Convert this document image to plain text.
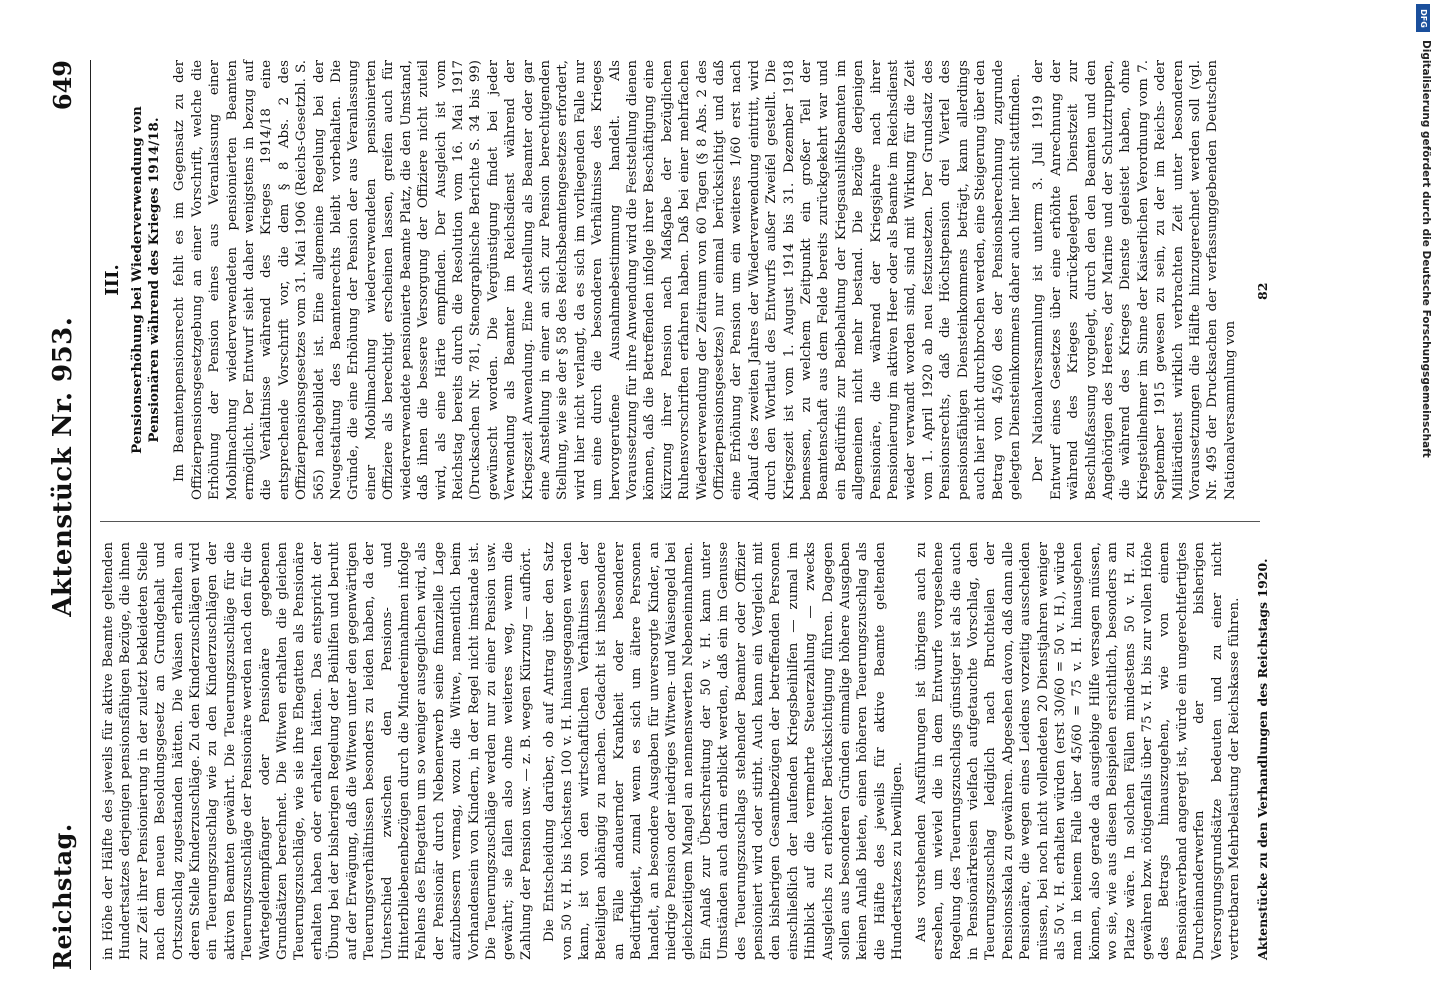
Reichstag.
Aktenstück Nr. 953.
649

in Höhe der Hälfte des jeweils für aktive Beamte geltenden Hundertsatzes derjenigen pensionsfähigen Bezüge, die ihnen zur Zeit ihrer Pensionierung in der zuletzt bekleideten Stelle nach dem neuen Besoldungsgesetz an Grundgehalt und Ortszuschlag zugestanden hätten. Die Waisen erhalten an deren Stelle Kinderzuschläge. Zu den Kinderzuschlägen wird ein Teuerungszuschlag wie zu den Kinderzuschlägen der aktiven Beamten gewährt. Die Teuerungszuschläge für die Teuerungszuschläge der Pensionäre werden nach den für die Wartegeldempfänger oder Pensionäre gegebenen Grundsätzen berechnet. Die Witwen erhalten die gleichen Teuerungszuschläge, wie sie ihre Ehegatten als Pensionäre erhalten haben oder erhalten hätten. Das entspricht der Übung bei der bisherigen Regelung der Beihilfen und beruht auf der Erwägung, daß die Witwen unter den gegenwärtigen Teuerungsverhältnissen besonders zu leiden haben, da der Unterschied zwischen den Pensions- und Hinterbliebenenbezügen durch die Mindereinnahmen infolge Fehlens des Ehegatten um so weniger ausgeglichen wird, als der Pensionär durch Nebenerwerb seine finanzielle Lage aufzubessern vermag, wozu die Witwe, namentlich beim Vorhandensein von Kindern, in der Regel nicht imstande ist. Die Teuerungszuschläge werden nur zu einer Pension usw. gewährt; sie fallen also ohne weiteres weg, wenn die Zahlung der Pension usw. — z. B. wegen Kürzung — aufhört. Die Entscheidung darüber, ob auf Antrag über den Satz von 50 v. H. bis höchstens 100 v. H. hinausgegangen werden kann, ist von den wirtschaftlichen Verhältnissen der Beteiligten abhängig zu machen. Gedacht ist insbesondere an Fälle andauernder Krankheit oder besonderer Bedürftigkeit, zumal wenn es sich um ältere Personen handelt, an besondere Ausgaben für unversorgte Kinder, an niedrige Pension oder niedriges Witwen- und Waisengeld bei gleichzeitigem Mangel an nennenswerten Nebeneinnahmen. Ein Anlaß zur Überschreitung der 50 v. H. kann unter Umständen auch darin erblickt werden, daß ein im Genusse des Teuerungszuschlags stehender Beamter oder Offizier pensioniert wird oder stirbt. Auch kann ein Vergleich mit den bisherigen Gesamtbezügen der betreffenden Personen einschließlich der laufenden Kriegsbeihilfen — zumal im Hinblick auf die vermehrte Steuerzahlung — zwecks Ausgleichs zu erhöhter Berücksichtigung führen. Dagegen sollen aus besonderen Gründen einmalige höhere Ausgaben keinen Anlaß bieten, einen höheren Teuerungszuschlag als die Hälfte des jeweils für aktive Beamte geltenden Hundertsatzes zu bewilligen. Aus vorstehenden Ausführungen ist übrigens auch zu ersehen, um wieviel die in dem Entwurfe vorgesehene Regelung des Teuerungszuschlags günstiger ist als die auch in Pensionärkreisen vielfach aufgetauchte Vorschlag, den Teuerungszuschlag lediglich nach Bruchteilen der Pensionsskala zu gewähren. Abgesehen davon, daß dann alle Pensionäre, die wegen eines Leidens vorzeitig ausscheiden müssen, bei noch nicht vollendeten 20 Dienstjahren weniger als 50 v. H. erhalten würden (erst 30/60 = 50 v. H.), würde man in keinem Falle über 45/60 = 75 v. H. hinausgehen können, also gerade da ausgiebige Hilfe versagen müssen, wo sie, wie aus diesen Beispielen ersichtlich, besonders am Platze wäre. In solchen Fällen mindestens 50 v. H. zu gewähren bzw. nötigenfalls über 75 v. H. bis zur vollen Höhe des Betrags hinauszugehen, wie von einem Pensionärverband angeregt ist, würde ein ungerechtfertigtes Durcheinanderwerfen der bisherigen Versorgungsgrundsätze bedeuten und zu einer nicht vertretbaren Mehrbelastung der Reichskasse führen.

III. Pensionserhöhung bei Wiederverwendung von Pensionären während des Krieges 1914/18. Im Beamtenpensionsrecht fehlt es im Gegensatz zu der Offizierpensionsgesetzgebung an einer Vorschrift, welche die Erhöhung der Pension eines aus Veranlassung einer Mobilmachung wiederverwendeten pensionierten Beamten ermöglicht. Der Entwurf sieht daher wenigstens in bezug auf die Verhältnisse während des Krieges 1914/18 eine entsprechende Vorschrift vor, die dem § 8 Abs. 2 des Offizierpensionsgesetzes vom 31. Mai 1906 (Reichs-Gesetzbl. S. 565) nachgebildet ist. Eine allgemeine Regelung bei der Neugestaltung des Beamtenrechts bleibt vorbehalten. Die Gründe, die eine Erhöhung der Pension der aus Veranlassung einer Mobilmachung wiederverwendeten pensionierten Offiziere als berechtigt erscheinen lassen, greifen auch für wiederverwendete pensionierte Beamte Platz, die den Umstand, daß ihnen die bessere Versorgung der Offiziere nicht zuteil wird, als eine Härte empfinden. Der Ausgleich ist vom Reichstag bereits durch die Resolution vom 16. Mai 1917 (Drucksachen Nr. 781, Stenographische Berichte S. 34 bis 99) gewünscht worden. Die Vergünstigung findet bei jeder Verwendung als Beamter im Reichsdienst während der Kriegszeit Anwendung. Eine Anstellung als Beamter oder gar eine Anstellung in einer an sich zur Pension berechtigenden Stellung, wie sie der § 58 des Reichsbeamtengesetzes erfordert, wird hier nicht verlangt, da es sich im vorliegenden Falle nur um eine durch die besonderen Verhältnisse des Krieges hervorgerufene Ausnahmebestimmung handelt. Als Voraussetzung für ihre Anwendung wird die Feststellung dienen können, daß die Betreffenden infolge ihrer Beschäftigung eine Kürzung ihrer Pension nach Maßgabe der bezüglichen Ruhensvorschriften erfahren haben. Daß bei einer mehrfachen Wiederverwendung der Zeitraum von 60 Tagen (§ 8 Abs. 2 des Offizierpensionsgesetzes) nur einmal berücksichtigt und daß eine Erhöhung der Pension um ein weiteres 1/60 erst nach Ablauf des zweiten Jahres der Wiederverwendung eintritt, wird durch den Wortlaut des Entwurfs außer Zweifel gestellt. Die Kriegszeit ist vom 1. August 1914 bis 31. Dezember 1918 bemessen, zu welchem Zeitpunkt ein großer Teil der Beamtenschaft aus dem Felde bereits zurückgekehrt war und ein Bedürfnis zur Beibehaltung der Kriegsaushilfsbeamten im allgemeinen nicht mehr bestand. Die Bezüge derjenigen Pensionäre, die während der Kriegsjahre nach ihrer Pensionierung im aktiven Heer oder als Beamte im Reichsdienst wieder verwandt worden sind, sind mit Wirkung für die Zeit vom 1. April 1920 ab neu festzusetzen. Der Grundsatz des Pensionsrechts, daß die Höchstpension drei Viertel des pensionsfähigen Diensteinkommens beträgt, kann allerdings auch hier nicht durchbrochen werden, eine Steigerung über den Betrag von 45/60 des der Pensionsberechnung zugrunde gelegten Diensteinkommens daher auch hier nicht stattfinden. Der Nationalversammlung ist unterm 3. Juli 1919 der Entwurf eines Gesetzes über eine erhöhte Anrechnung der während des Krieges zurückgelegten Dienstzeit zur Beschlußfassung vorgelegt, durch den den Beamten und den Angehörigen des Heeres, der Marine und der Schutztruppen, die während des Krieges Dienste geleistet haben, ohne Kriegsteilnehmer im Sinne der Kaiserlichen Verordnung vom 7. September 1915 gewesen zu sein, zu der im Reichs- oder Militärdienst wirklich verbrachten Zeit unter besonderen Voraussetzungen die Hälfte hinzugerechnet werden soll (vgl. Nr. 495 der Drucksachen der verfassunggebenden Deutschen Nationalversammlung von

Aktenstücke zu den Verhandlungen des Reichstags 1920.
82
DFG
Digitalisierung gefördert durch die Deutsche Forschungsgemeinschaft
